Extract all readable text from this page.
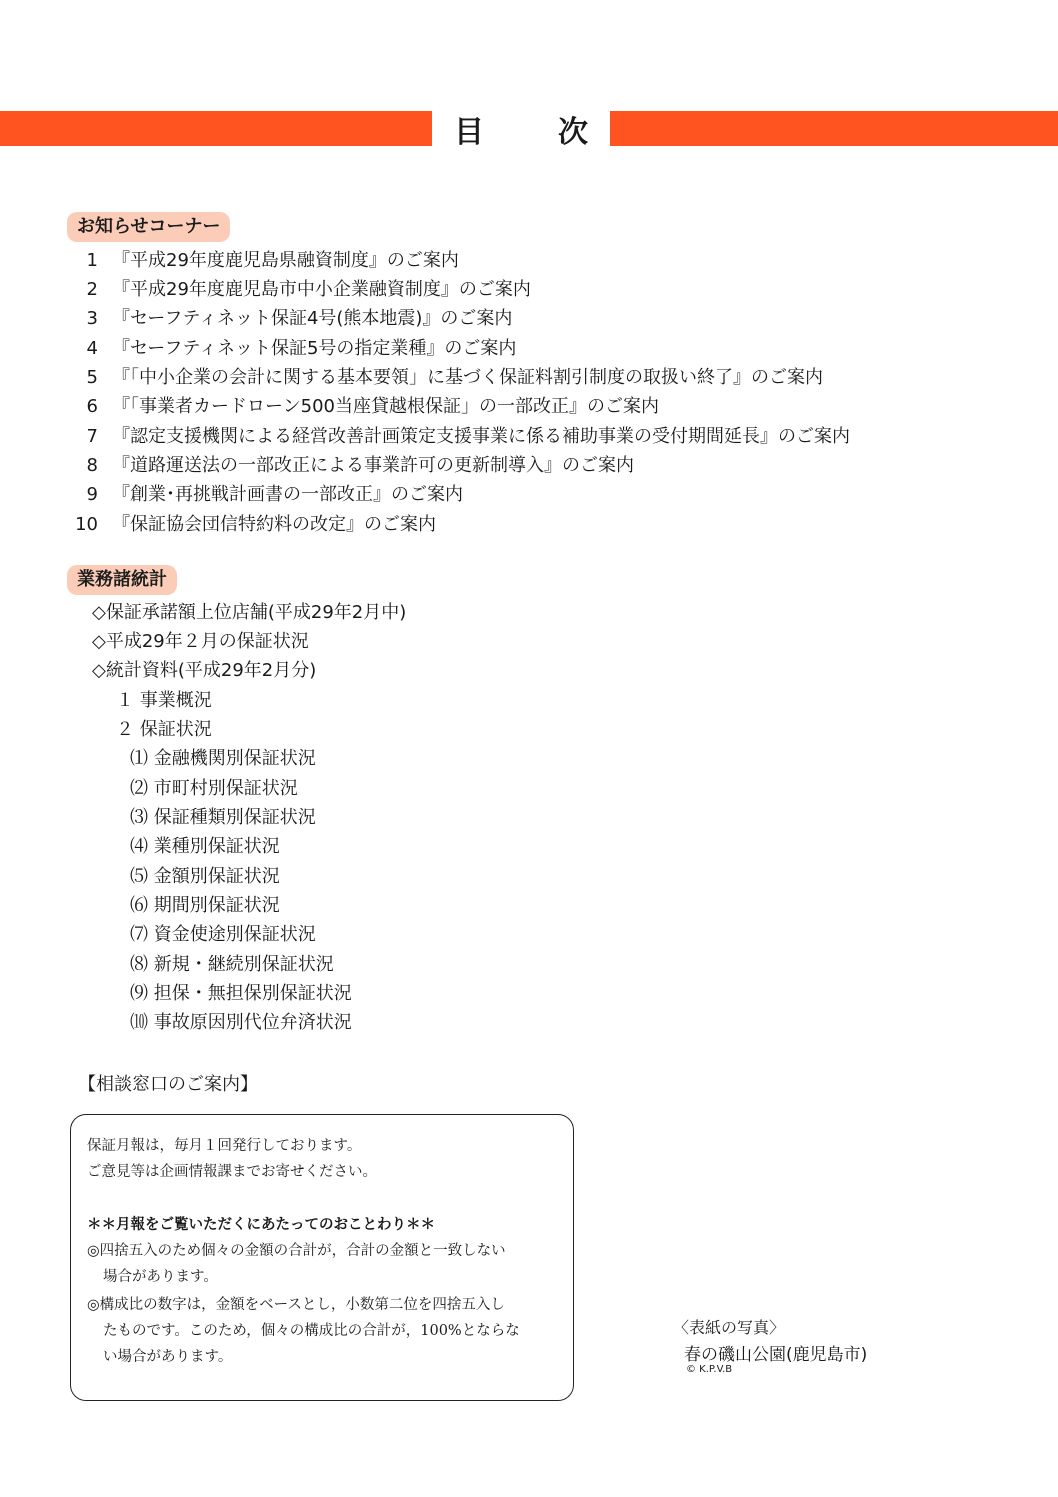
目 次
お知らせコーナー
1 『平成29年度鹿児島県融資制度』のご案内
2 『平成29年度鹿児島市中小企業融資制度』のご案内
3 『セーフティネット保証4号(熊本地震)』のご案内
4 『セーフティネット保証5号の指定業種』のご案内
5 『「中小企業の会計に関する基本要領」に基づく保証料割引制度の取扱い終了』のご案内
6 『「事業者カードローン500当座貸越根保証」の一部改正』のご案内
7 『認定支援機関による経営改善計画策定支援事業に係る補助事業の受付期間延長』のご案内
8 『道路運送法の一部改正による事業許可の更新制導入』のご案内
9 『創業･再挑戦計画書の一部改正』のご案内
10 『保証協会団信特約料の改定』のご案内
業務諸統計
◇保証承諾額上位店舗(平成29年2月中)
◇平成29年２月の保証状況
◇統計資料(平成29年2月分)
１ 事業概況
２ 保証状況
⑴ 金融機関別保証状況
⑵ 市町村別保証状況
⑶ 保証種類別保証状況
⑷ 業種別保証状況
⑸ 金額別保証状況
⑹ 期間別保証状況
⑺ 資金使途別保証状況
⑻ 新規・継続別保証状況
⑼ 担保・無担保別保証状況
⑽ 事故原因別代位弁済状況
【相談窓口のご案内】
保証月報は，毎月１回発行しております。
ご意見等は企画情報課までお寄せください。
＊＊月報をご覧いただくにあたってのおことわり＊＊
◎四捨五入のため個々の金額の合計が，合計の金額と一致しない
場合があります。
◎構成比の数字は，金額をベースとし，小数第二位を四捨五入し
たものです。このため，個々の構成比の合計が，100%とならな
い場合があります。
〈表紙の写真〉
春の磯山公園(鹿児島市)
© K.P.V.B
